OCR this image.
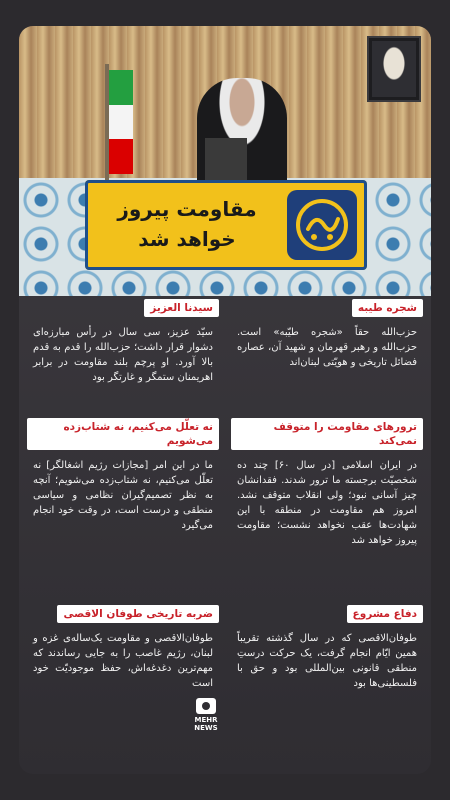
مقاومت پیروز خواهد شد
شجره طیبه
حزب‌الله حقاً «شجره طیّبه» است. حزب‌الله و رهبر قهرمان و شهید آن، عصاره فضائل تاریخی و هویّتی لبنان‌اند
ترورهای مقاومت را متوقف نمی‌کند
در ایران اسلامی [در سال ۶۰] چند ده شخصیّت برجسته ما ترور شدند. فقدانشان چیز آسانی نبود؛ ولی انقلاب متوقف نشد. امروز هم مقاومت در منطقه با این شهادت‌ها عقب نخواهد نشست؛ مقاومت پیروز خواهد شد
دفاع مشروع
طوفان‌الاقصی که در سال گذشته تقریباً همین ایّام انجام گرفت، یک حرکت درستِ منطقی قانونی بین‌المللی بود و حق با فلسطینی‌ها بود
سیدنا العزیز
سیّد عزیز، سی سال در رأس مبارزه‌ای دشوار قرار داشت؛ حزب‌الله را قدم به قدم بالا آورد. او پرچم بلند مقاومت در برابر اهریمنان ستمگر و غارتگر بود
نه تعلّل می‌کنیم، نه شتاب‌زده می‌شویم
ما در این امر [مجازات رژیم اشغالگر] نه تعلّل می‌کنیم، نه شتاب‌زده می‌شویم؛ آنچه به نظر تصمیم‌گیران نظامی و سیاسی منطقی و درست است، در وقت خود انجام می‌گیرد
ضربه تاریخی طوفان الاقصی
طوفان‌الاقصی و مقاومت یک‌ساله‌ی غزه و لبنان، رژیم غاصب را به جایی رساندند که مهم‌ترین دغدغه‌اش، حفظ موجودیّت خود است
MEHR NEWS
